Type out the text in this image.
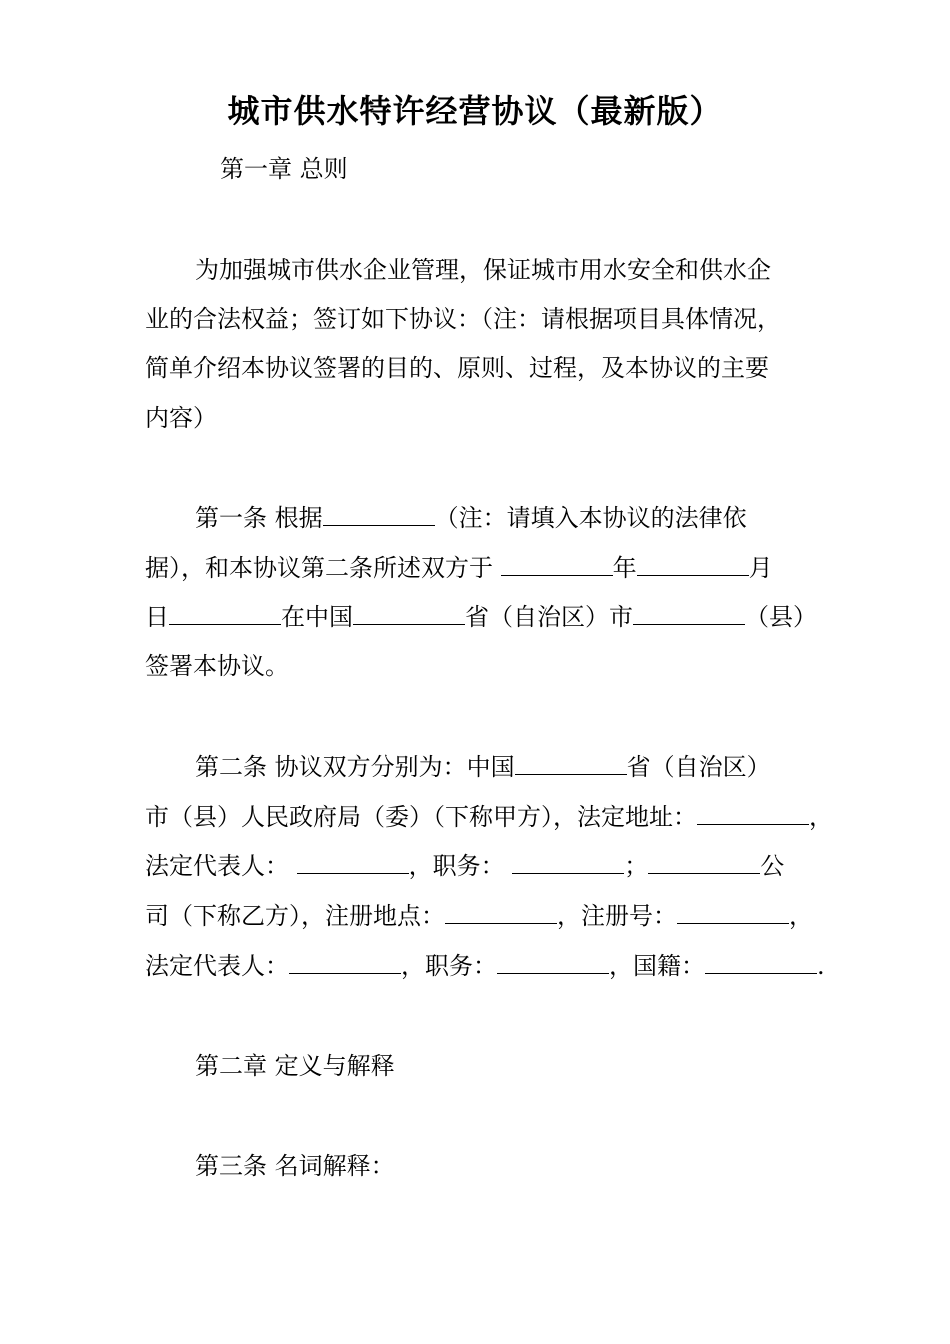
城市供水特许经营协议（最新版）
第一章 总则
为加强城市供水企业管理，保证城市用水安全和供水企
业的合法权益；签订如下协议：（注：请根据项目具体情况，
简单介绍本协议签署的目的、原则、过程，及本协议的主要
内容）
第一条 根据	（注：请填入本协议的法律依
据），和本协议第二条所述双方于	年	月
日	在中国	省（自治区）市	（县）
签署本协议。
第二条 协议双方分别为：中国	省（自治区）
市（县）人民政府局（委）（下称甲方），法定地址：	，
法定代表人：	，职务：	；	公
司（下称乙方），注册地点：	，注册号：	，
法定代表人：	，职务：	，国籍：	.
第二章 定义与解释
第三条 名词解释：
